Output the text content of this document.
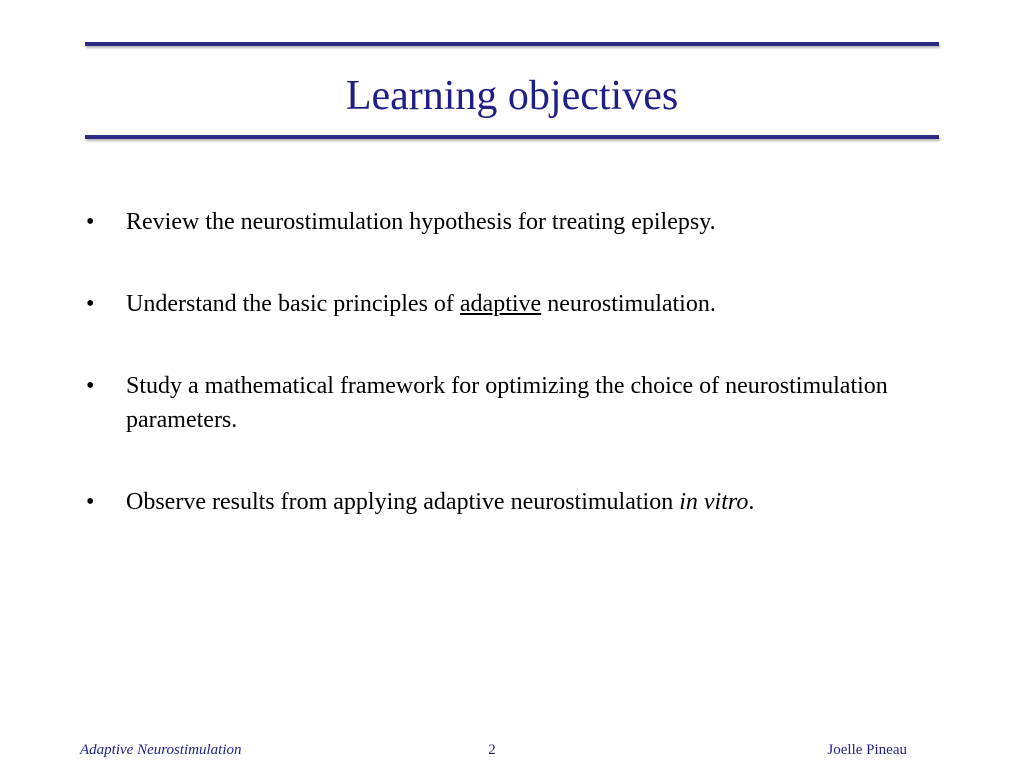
Learning objectives
• Review the neurostimulation hypothesis for treating epilepsy.
• Understand the basic principles of adaptive neurostimulation.
• Study a mathematical framework for optimizing the choice of neurostimulation parameters.
• Observe results from applying adaptive neurostimulation in vitro.
Adaptive Neurostimulation	2	Joelle Pineau
